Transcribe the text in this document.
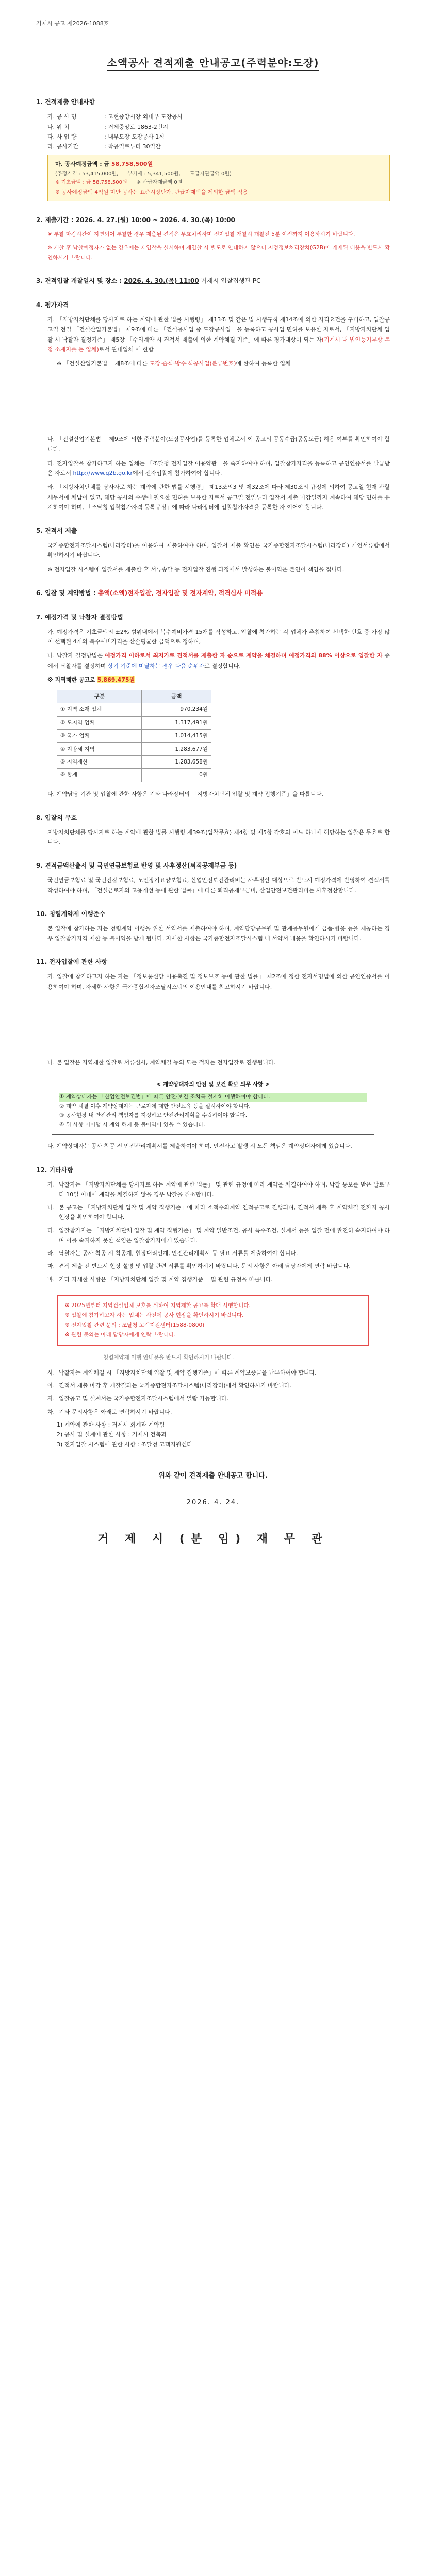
거제시 공고 제2026-1088호
소액공사 견적제출 안내공고(주력분야:도장)
1. 견적제출 안내사항
가. 공 사 명	: 고현중앙시장 외내부 도장공사
나. 위 치	: 거제중앙로 1863-2번지
다. 사 업 량	: 내부도장 도장공사 1식
라. 공사기간	: 착공일로부터 30일간
마. 공사예정금액 : 금 58,758,500원
(추정가격 : 53,415,000원, 부가세 : 5,341,500원, 도급자관급액 0원)
※ 기초금액 : 금 58,758,500원 ※ 관급자재금액 0원
※ 공사예정금액 4억원 미만 공사는 표준시장단가, 관급자재액을 제외한 금액 적용
2. 제출기간 : 2026. 4. 27.(월) 10:00 ~ 2026. 4. 30.(목) 10:00
※ 투찰 마감시간이 지연되어 투찰한 경우 제출된 견적은 무효처리하며 전자입찰 개찰시 개찰전 5분 이전까지 이용하시기 바랍니다.
※ 개찰 후 낙찰예정자가 없는 경우에는 재입찰을 실시하며 재입찰 시 별도로 안내하지 않으니 지정정보처리장치(G2B)에 게재된 내용을 반드시 확인하시기 바랍니다.
3. 견적입찰 개찰일시 및 장소 : 2026. 4. 30.(목) 11:00 거제시 입찰집행관 PC
4. 평가자격
가. 「지방자치단체를 당사자로 하는 계약에 관한 법률 시행령」 제13조 및 같은 법 시행규칙 제14조에 의한 자격요건을 구비하고, 입찰공고일 전일 「건설산업기본법」 제9조에 따른 「건설공사업 중 도장공사업」을 등록하고 공사업 면허를 보유한 자로서, 「지방자치단체 입찰 시 낙찰자 결정기준」 제5장 「수의계약 시 견적서 제출에 의한 계약체결 기준」에 따른 평가대상이 되는 자(기계시 내 법인등기부상 본점 소재지를 둔 업체)로서 관내업체 에 한함
※ 「건설산업기본법」 제8조에 따른 도장·습식·방수·석공사업(분류번호)에 한하여 등록한 업체
나. 「건설산업기본법」 제9조에 의한 주력분야(도장공사업)를 등록한 업체로서 이 공고의 공동수급(공동도급) 허용 여부를 확인하여야 합니다.
다. 전자입찰을 참가하고자 하는 업체는 「조달청 전자입찰 이용약관」을 숙지하여야 하며, 입찰참가자격을 등록하고 공인인증서를 발급받은 자로서 http://www.g2b.go.kr에서 전자입찰에 참가하여야 합니다.
라. 「지방자치단체를 당사자로 하는 계약에 관한 법률 시행령」 제13조의3 및 제32조에 따라 제30조의 규정에 의하여 공고일 현재 관할 세무서에 체납이 없고, 해당 공사의 수행에 필요한 면허를 보유한 자로서 공고일 전일부터 입찰서 제출 마감일까지 계속하여 해당 면허를 유지하여야 하며, 「조달청 입찰참가자격 등록규정」에 따라 나라장터에 입찰참가자격을 등록한 자 이어야 합니다.
5. 견적서 제출
국가종합전자조달시스템(나라장터)을 이용하여 제출하여야 하며, 입찰서 제출 확인은 국가종합전자조달시스템(나라장터) 개인서류함에서 확인하시기 바랍니다.
※ 전자입찰 시스템에 입찰서를 제출한 후 서류송달 등 전자입찰 진행 과정에서 발생하는 불이익은 본인이 책임을 집니다.
6. 입찰 및 계약방법 : 총액(소액)전자입찰, 전자입찰 및 전자계약, 적격심사 미적용
7. 예정가격 및 낙찰자 결정방법
가. 예정가격은 기초금액의 ±2% 범위내에서 복수예비가격 15개를 작성하고, 입찰에 참가하는 각 업체가 추첨하여 선택한 번호 중 가장 많이 선택된 4개의 복수예비가격을 산술평균한 금액으로 정하며,
나. 낙찰자 결정방법은 예정가격 이하로서 최저가로 견적서를 제출한 자 순으로 계약을 체결하며 예정가격의 88% 이상으로 입찰한 자 중에서 낙찰자를 결정하며 상기 기준에 미달하는 경우 다음 순위자로 결정합니다.
※ 지역제한 공고로 5,869,475원
구분	금액
① 지역 소재 업체	970,234원
② 도지역 업체	1,317,491원
③ 국가 업체	1,014,415원
④ 지방세 지역	1,283,677원
⑤ 지역제한	1,283,658원
⑥ 합계	0원
다. 계약담당 기관 및 입찰에 관한 사항은 기타 나라장터의 「지방자치단체 입찰 및 계약 집행기준」을 따릅니다.
8. 입찰의 무효
지방자치단체를 당사자로 하는 계약에 관한 법률 시행령 제39조(입찰무효) 제4항 및 제5항 각호의 어느 하나에 해당하는 입찰은 무효로 합니다.
9. 견적금액산출서 및 국민연금보험료 반영 및 사후정산(퇴직공제부금 등)
국민연금보험료 및 국민건강보험료, 노인장기요양보험료, 산업안전보건관리비는 사후정산 대상으로 반드시 예정가격에 반영하여 견적서를 작성하여야 하며, 「건설근로자의 고용개선 등에 관한 법률」에 따른 퇴직공제부금비, 산업안전보건관리비는 사후정산합니다.
10. 청렴계약제 이행준수
본 입찰에 참가하는 자는 청렴계약 이행을 위한 서약서를 제출하여야 하며, 계약담당공무원 및 관계공무원에게 금품·향응 등을 제공하는 경우 입찰참가자격 제한 등 불이익을 받게 됩니다. 자세한 사항은 국가종합전자조달시스템 내 서약서 내용을 확인하시기 바랍니다.
11. 전자입찰에 관한 사항
가. 입찰에 참가하고자 하는 자는 「정보통신망 이용촉진 및 정보보호 등에 관한 법률」 제2조에 정한 전자서명법에 의한 공인인증서를 이용하여야 하며, 자세한 사항은 국가종합전자조달시스템의 이용안내를 참고하시기 바랍니다.
나. 본 입찰은 지역제한 입찰로 서류심사, 계약체결 등의 모든 절차는 전자입찰로 진행됩니다.
< 계약상대자의 안전 및 보건 확보 의무 사항 >
① 계약상대자는 「산업안전보건법」에 따른 안전·보건 조치를 철저히 이행하여야 합니다.
② 계약 체결 이후 계약상대자는 근로자에 대한 안전교육 등을 실시하여야 합니다.
③ 공사현장 내 안전관리 책임자를 지정하고 안전관리계획을 수립하여야 합니다.
④ 위 사항 미이행 시 계약 해지 등 불이익이 있을 수 있습니다.
다. 계약상대자는 공사 착공 전 안전관리계획서를 제출하여야 하며, 안전사고 발생 시 모든 책임은 계약상대자에게 있습니다.
12. 기타사항
가. 낙찰자는 「지방자치단체를 당사자로 하는 계약에 관한 법률」 및 관련 규정에 따라 계약을 체결하여야 하며, 낙찰 통보를 받은 날로부터 10일 이내에 계약을 체결하지 않을 경우 낙찰을 취소합니다.
나. 본 공고는 「지방자치단체 입찰 및 계약 집행기준」에 따라 소액수의계약 견적공고로 진행되며, 견적서 제출 후 계약체결 전까지 공사 현장을 확인하여야 합니다.
다. 입찰참가자는 「지방자치단체 입찰 및 계약 집행기준」 및 계약 일반조건, 공사 특수조건, 설계서 등을 입찰 전에 완전히 숙지하여야 하며 이를 숙지하지 못한 책임은 입찰참가자에게 있습니다.
라. 낙찰자는 공사 착공 시 착공계, 현장대리인계, 안전관리계획서 등 필요 서류를 제출하여야 합니다.
마. 견적 제출 전 반드시 현장 설명 및 입찰 관련 서류를 확인하시기 바랍니다. 문의 사항은 아래 담당자에게 연락 바랍니다.
바. 기타 자세한 사항은 「지방자치단체 입찰 및 계약 집행기준」 및 관련 규정을 따릅니다.
※ 2025년부터 지역건설업체 보호를 위하여 지역제한 공고를 확대 시행합니다.
※ 입찰에 참가하고자 하는 업체는 사전에 공사 현장을 확인하시기 바랍니다.
※ 전자입찰 관련 문의 : 조달청 고객지원센터(1588-0800)
※ 관련 문의는 아래 담당자에게 연락 바랍니다.
청렴계약제 이행 안내문을 반드시 확인하시기 바랍니다.
사. 낙찰자는 계약체결 시 「지방자치단체 입찰 및 계약 집행기준」에 따른 계약보증금을 납부하여야 합니다.
아. 견적서 제출 마감 후 개찰결과는 국가종합전자조달시스템(나라장터)에서 확인하시기 바랍니다.
자. 입찰공고 및 설계서는 국가종합전자조달시스템에서 열람 가능합니다.
차. 기타 문의사항은 아래로 연락하시기 바랍니다.
1) 계약에 관한 사항 : 거제시 회계과 계약팀
2) 공사 및 설계에 관한 사항 : 거제시 건축과
3) 전자입찰 시스템에 관한 사항 : 조달청 고객지원센터
위와 같이 견적제출 안내공고 합니다.
2026. 4. 24.
거 제 시 (분 임) 재 무 관
